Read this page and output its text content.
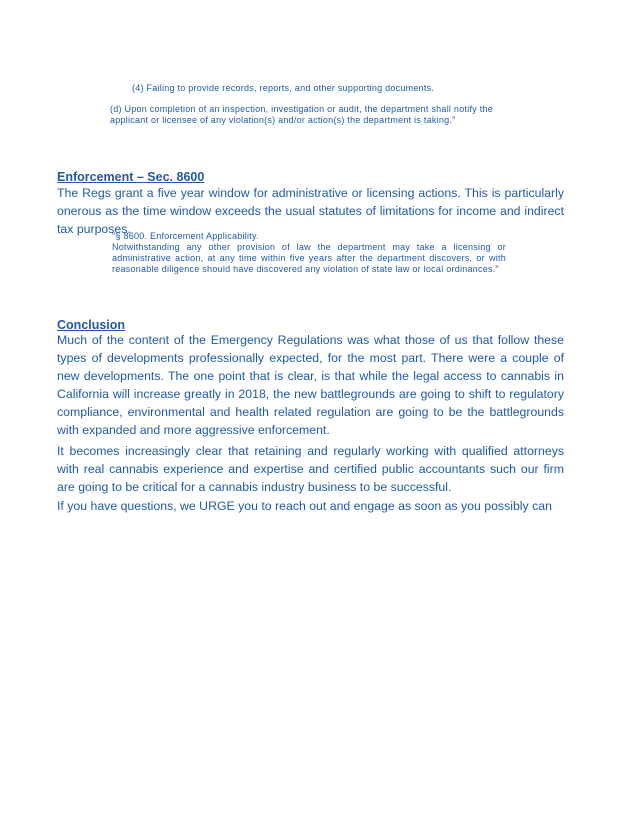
(4) Failing to provide records, reports, and other supporting documents.
(d) Upon completion of an inspection, investigation or audit, the department shall notify the applicant or licensee of any violation(s) and/or action(s) the department is taking."
Enforcement – Sec. 8600
The Regs grant a five year window for administrative or licensing actions. This is particularly onerous as the time window exceeds the usual statutes of limitations for income and indirect tax purposes.
"§ 8600. Enforcement Applicability.
Notwithstanding any other provision of law the department may take a licensing or administrative action, at any time within five years after the department discovers, or with reasonable diligence should have discovered any violation of state law or local ordinances."
Conclusion
Much of the content of the Emergency Regulations was what those of us that follow these types of developments professionally expected, for the most part. There were a couple of new developments. The one point that is clear, is that while the legal access to cannabis in California will increase greatly in 2018, the new battlegrounds are going to shift to regulatory compliance, environmental and health related regulation are going to be the battlegrounds with expanded and more aggressive enforcement.
It becomes increasingly clear that retaining and regularly working with qualified attorneys with real cannabis experience and expertise and certified public accountants such our firm are going to be critical for a cannabis industry business to be successful.
If you have questions, we URGE you to reach out and engage as soon as you possibly can
